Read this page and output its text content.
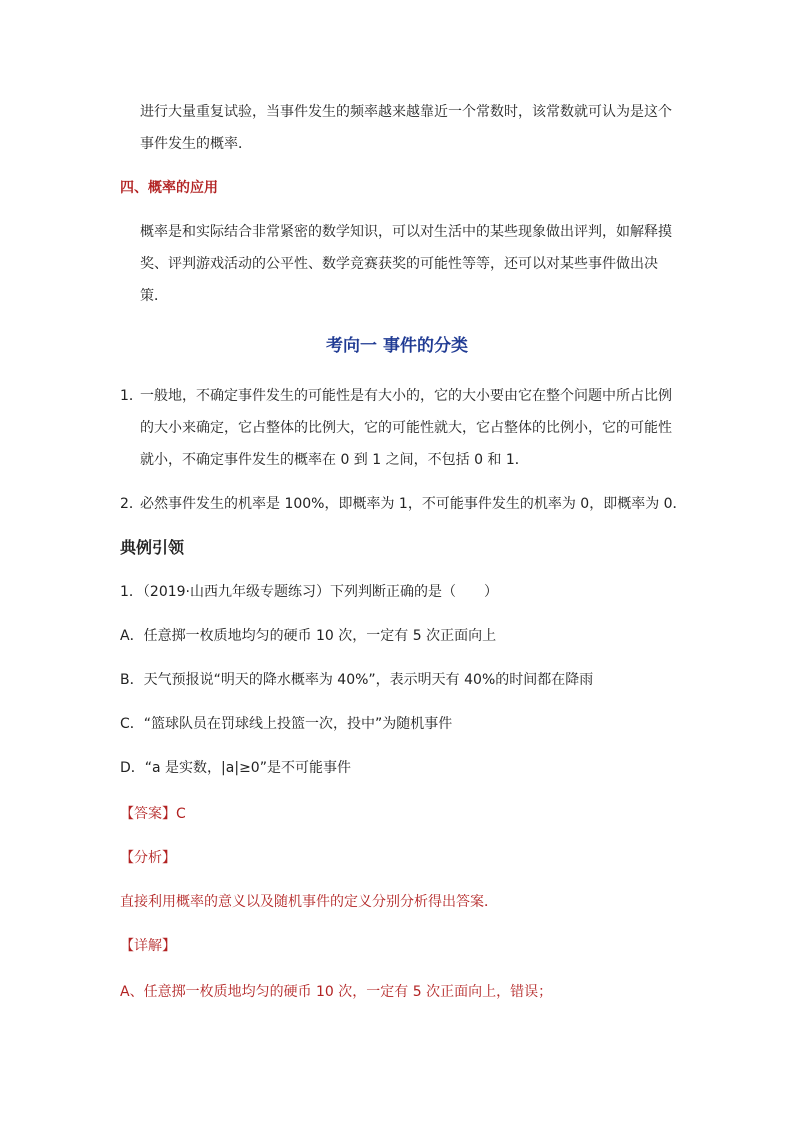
进行大量重复试验，当事件发生的频率越来越靠近一个常数时，该常数就可认为是这个
事件发生的概率．
四、概率的应用
概率是和实际结合非常紧密的数学知识，可以对生活中的某些现象做出评判，如解释摸
奖、评判游戏活动的公平性、数学竞赛获奖的可能性等等，还可以对某些事件做出决
策．
考向一 事件的分类
1．
一般地，不确定事件发生的可能性是有大小的，它的大小要由它在整个问题中所占比例
的大小来确定，它占整体的比例大，它的可能性就大，它占整体的比例小，它的可能性
就小，不确定事件发生的概率在 0 到 1 之间，不包括 0 和 1．
2．
必然事件发生的机率是 100%，即概率为 1，不可能事件发生的机率为 0，即概率为 0．
典例引领
1．（2019·山西九年级专题练习）下列判断正确的是（　　）
A．任意掷一枚质地均匀的硬币 10 次，一定有 5 次正面向上
B．天气预报说“明天的降水概率为 40%”，表示明天有 40%的时间都在降雨
C．“篮球队员在罚球线上投篮一次，投中”为随机事件
D．“a 是实数，|a|≥0”是不可能事件
【答案】C
【分析】
直接利用概率的意义以及随机事件的定义分别分析得出答案．
【详解】
A、任意掷一枚质地均匀的硬币 10 次，一定有 5 次正面向上，错误；
